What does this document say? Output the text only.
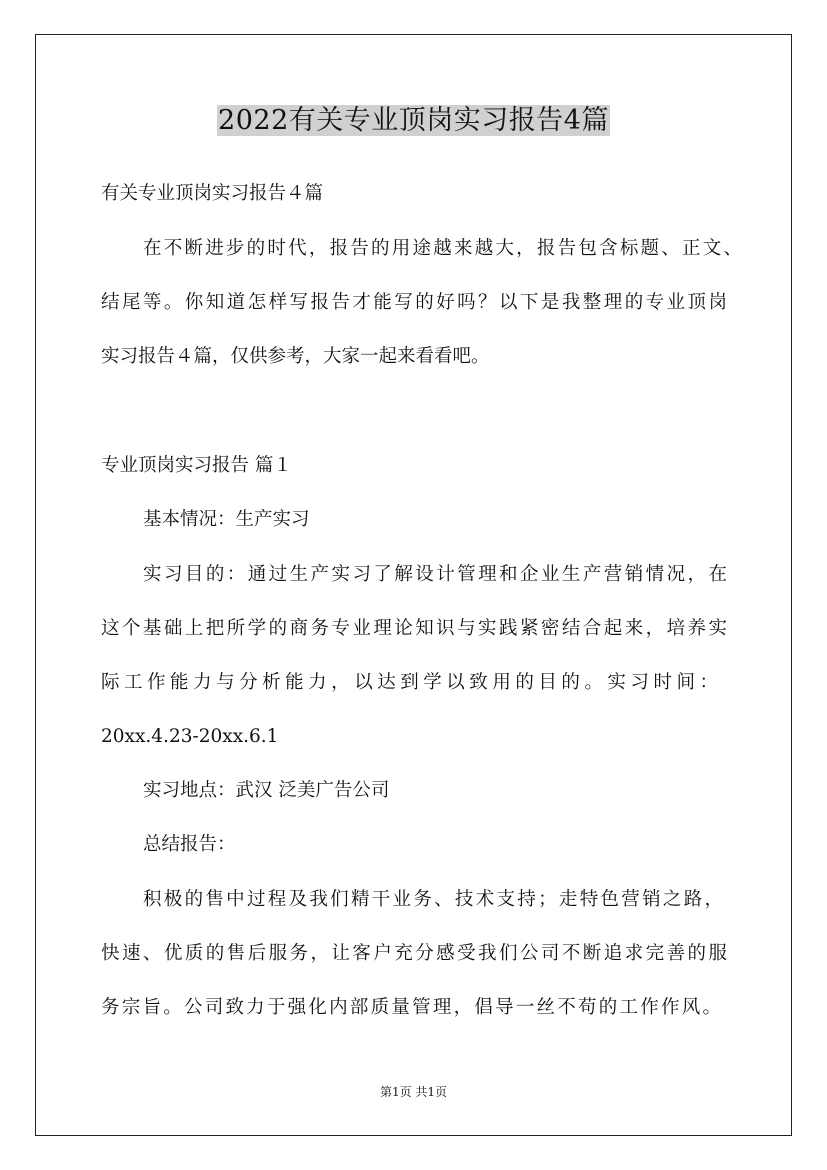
2022有关专业顶岗实习报告4篇
有关专业顶岗实习报告４篇
在不断进步的时代，报告的用途越来越大，报告包含标题、正文、
结尾等。你知道怎样写报告才能写的好吗？以下是我整理的专业顶岗
实习报告４篇，仅供参考，大家一起来看看吧。
专业顶岗实习报告 篇１
基本情况：生产实习
实习目的：通过生产实习了解设计管理和企业生产营销情况，在
这个基础上把所学的商务专业理论知识与实践紧密结合起来，培养实
际工作能力与分析能力，以达到学以致用的目的。实习时间：
20xx.4.23-20xx.6.1
实习地点：武汉 泛美广告公司
总结报告：
积极的售中过程及我们精干业务、技术支持；走特色营销之路，
快速、优质的售后服务，让客户充分感受我们公司不断追求完善的服
务宗旨。公司致力于强化内部质量管理，倡导一丝不苟的工作作风。
第1页 共1页
